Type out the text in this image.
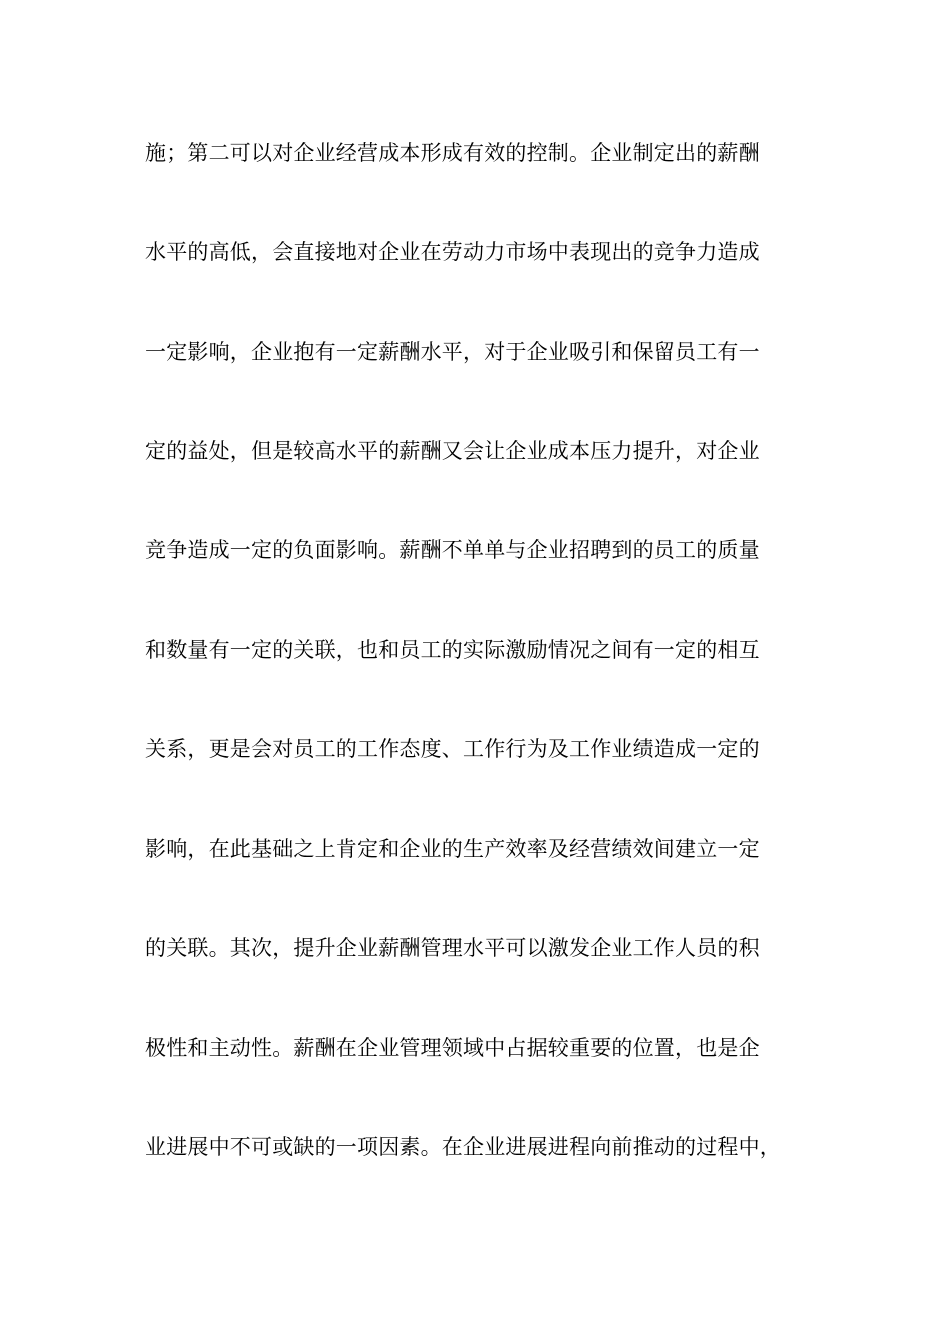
施；第二可以对企业经营成本形成有效的控制。企业制定出的薪酬
水平的高低，会直接地对企业在劳动力市场中表现出的竞争力造成
一定影响，企业抱有一定薪酬水平，对于企业吸引和保留员工有一
定的益处，但是较高水平的薪酬又会让企业成本压力提升，对企业
竞争造成一定的负面影响。薪酬不单单与企业招聘到的员工的质量
和数量有一定的关联，也和员工的实际激励情况之间有一定的相互
关系，更是会对员工的工作态度、工作行为及工作业绩造成一定的
影响，在此基础之上肯定和企业的生产效率及经营绩效间建立一定
的关联。其次，提升企业薪酬管理水平可以激发企业工作人员的积
极性和主动性。薪酬在企业管理领域中占据较重要的位置，也是企
业进展中不可或缺的一项因素。在企业进展进程向前推动的过程中，
